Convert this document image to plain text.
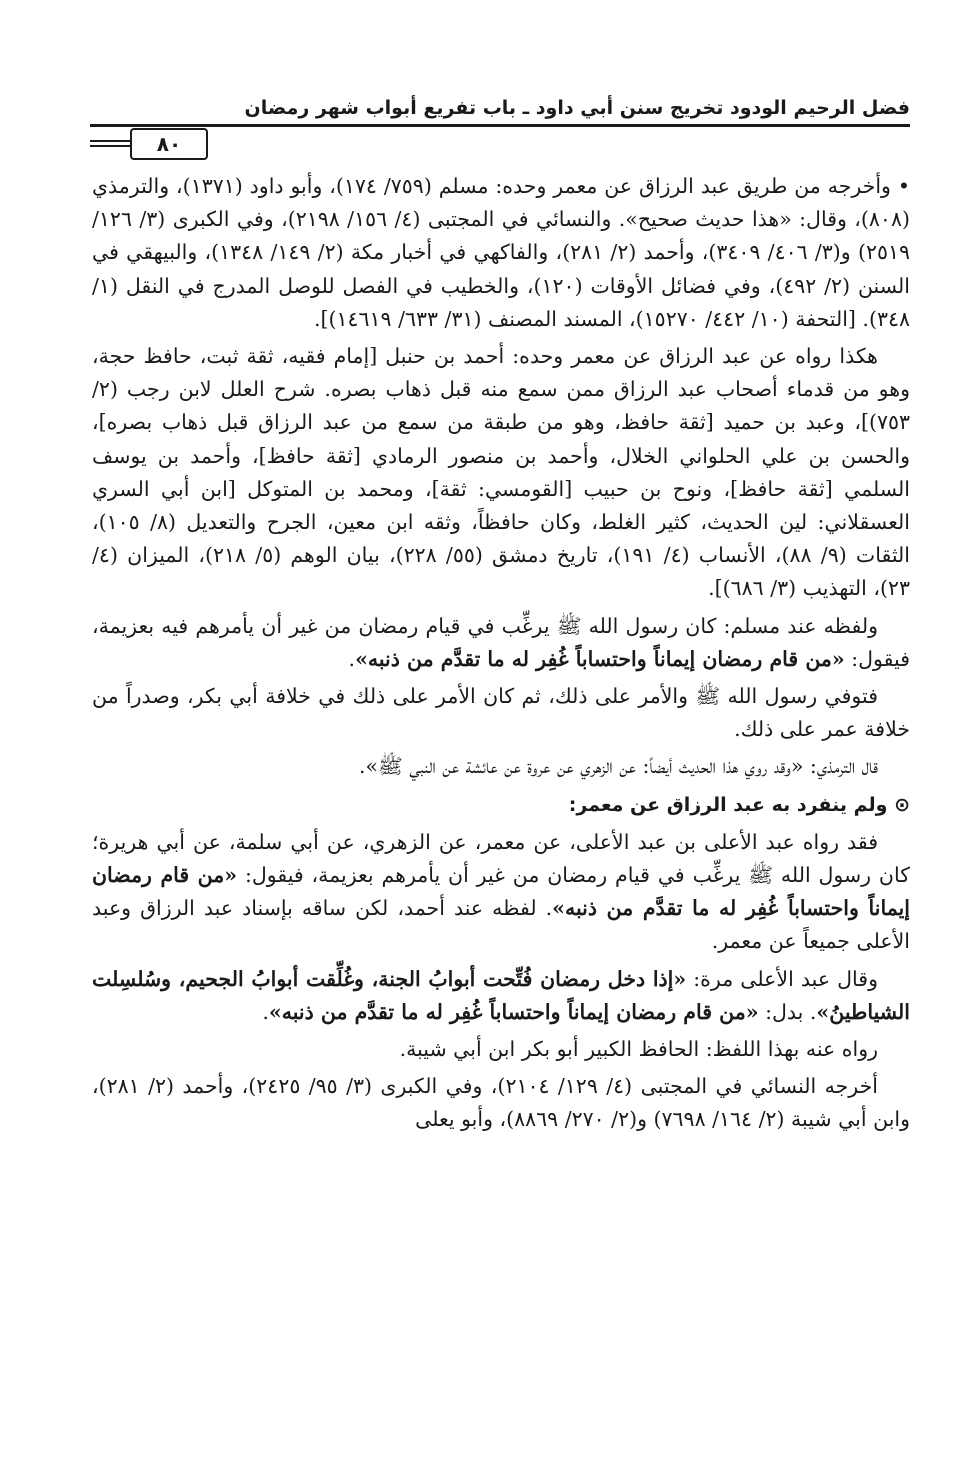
فضل الرحيم الودود تخريج سنن أبي داود ـ باب تفريع أبواب شهر رمضان
٨٠

• وأخرجه من طريق عبد الرزاق عن معمر وحده: مسلم (٧٥٩/ ١٧٤)، وأبو داود (١٣٧١)، والترمذي (٨٠٨)، وقال: «هذا حديث صحيح». والنسائي في المجتبى (٤/ ١٥٦/ ٢١٩٨)، وفي الكبرى (٣/ ١٢٦/ ٢٥١٩) و(٣/ ٤٠٦/ ٣٤٠٩)، وأحمد (٢/ ٢٨١)، والفاكهي في أخبار مكة (٢/ ١٤٩/ ١٣٤٨)، والبيهقي في السنن (٢/ ٤٩٢)، وفي فضائل الأوقات (١٢٠)، والخطيب في الفصل للوصل المدرج في النقل (١/ ٣٤٨). [التحفة (١٠/ ٤٤٢/ ١٥٢٧٠)، المسند المصنف (٣١/ ٦٣٣/ ١٤٦١٩)].

هكذا رواه عن عبد الرزاق عن معمر وحده: أحمد بن حنبل [إمام فقيه، ثقة ثبت، حافظ حجة، وهو من قدماء أصحاب عبد الرزاق ممن سمع منه قبل ذهاب بصره. شرح العلل لابن رجب (٢/ ٧٥٣)]، وعبد بن حميد [ثقة حافظ، وهو من طبقة من سمع من عبد الرزاق قبل ذهاب بصره]، والحسن بن علي الحلواني الخلال، وأحمد بن منصور الرمادي [ثقة حافظ]، وأحمد بن يوسف السلمي [ثقة حافظ]، ونوح بن حبيب [القومسي: ثقة]، ومحمد بن المتوكل [ابن أبي السري العسقلاني: لين الحديث، كثير الغلط، وكان حافظاً، وثقه ابن معين، الجرح والتعديل (٨/ ١٠٥)، الثقات (٩/ ٨٨)، الأنساب (٤/ ١٩١)، تاريخ دمشق (٥٥/ ٢٢٨)، بيان الوهم (٥/ ٢١٨)، الميزان (٤/ ٢٣)، التهذيب (٣/ ٦٨٦)].

ولفظه عند مسلم: كان رسول الله ﷺ يرغِّب في قيام رمضان من غير أن يأمرهم فيه بعزيمة، فيقول: «من قام رمضان إيماناً واحتساباً غُفِر له ما تقدَّم من ذنبه».

فتوفي رسول الله ﷺ والأمر على ذلك، ثم كان الأمر على ذلك في خلافة أبي بكر، وصدراً من خلافة عمر على ذلك.

قال الترمذي: «وقد روي هذا الحديث أيضاً: عن الزهري عن عروة عن عائشة عن النبي ﷺ».

⊙ ولم ينفرد به عبد الرزاق عن معمر:

فقد رواه عبد الأعلى بن عبد الأعلى، عن معمر، عن الزهري، عن أبي سلمة، عن أبي هريرة؛ كان رسول الله ﷺ يرغِّب في قيام رمضان من غير أن يأمرهم بعزيمة، فيقول: «من قام رمضان إيماناً واحتساباً غُفِر له ما تقدَّم من ذنبه». لفظه عند أحمد، لكن ساقه بإسناد عبد الرزاق وعبد الأعلى جميعاً عن معمر.

وقال عبد الأعلى مرة: «إذا دخل رمضان فُتِّحت أبوابُ الجنة، وغُلِّقت أبوابُ الجحيم، وسُلسِلت الشياطينُ». بدل: «من قام رمضان إيماناً واحتساباً غُفِر له ما تقدَّم من ذنبه».

رواه عنه بهذا اللفظ: الحافظ الكبير أبو بكر ابن أبي شيبة.

أخرجه النسائي في المجتبى (٤/ ١٢٩/ ٢١٠٤)، وفي الكبرى (٣/ ٩٥/ ٢٤٢٥)، وأحمد (٢/ ٢٨١)، وابن أبي شيبة (٢/ ١٦٤/ ٧٦٩٨) و(٢/ ٢٧٠/ ٨٨٦٩)، وأبو يعلى
